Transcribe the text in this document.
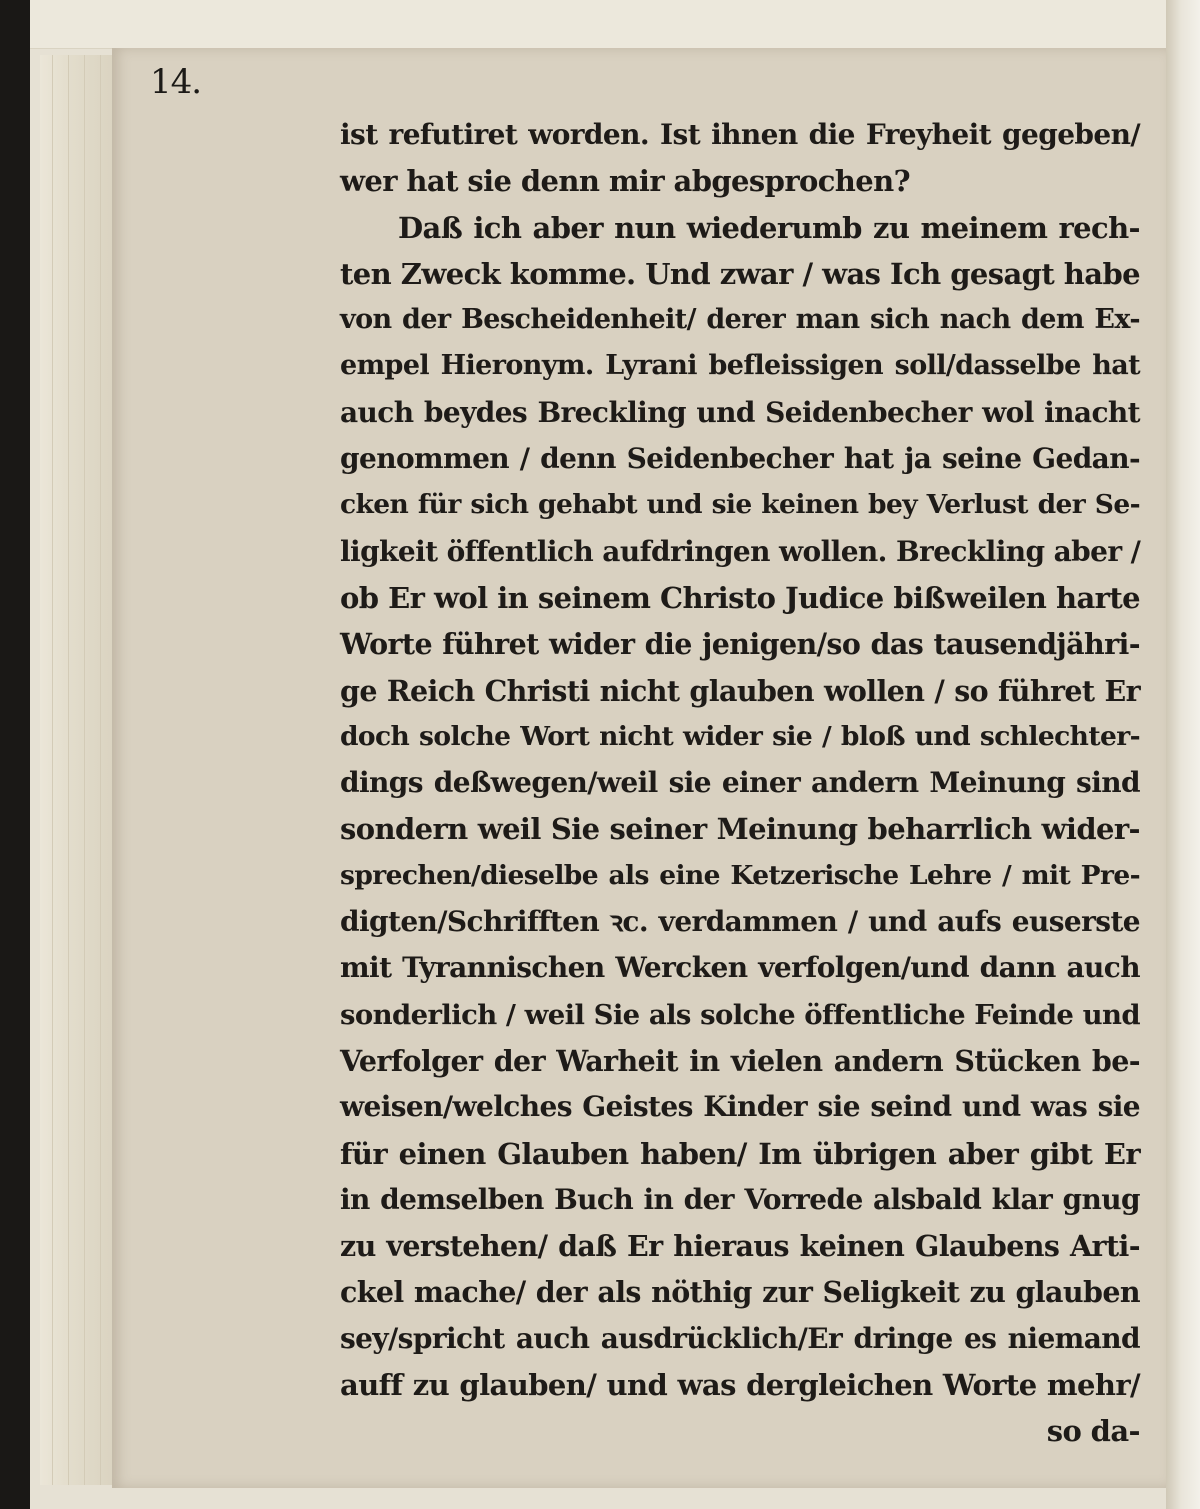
14.
ist refutiret worden. Ist ihnen die Freyheit gegeben/
wer hat sie denn mir abgesprochen?
Daß ich aber nun wiederumb zu meinem rech-
ten Zweck komme. Und zwar / was Ich gesagt habe
von der Bescheidenheit/ derer man sich nach dem Ex-
empel Hieronym. Lyrani befleissigen soll/dasselbe hat
auch beydes Breckling und Seidenbecher wol inacht
genommen / denn Seidenbecher hat ja seine Gedan-
cken für sich gehabt und sie keinen bey Verlust der Se-
ligkeit öffentlich aufdringen wollen. Breckling aber /
ob Er wol in seinem Christo Judice bißweilen harte
Worte führet wider die jenigen/so das tausendjähri-
ge Reich Christi nicht glauben wollen / so führet Er
doch solche Wort nicht wider sie / bloß und schlechter-
dings deßwegen/weil sie einer andern Meinung sind
sondern weil Sie seiner Meinung beharrlich wider-
sprechen/dieselbe als eine Ketzerische Lehre / mit Pre-
digten/Schrifften ꝛc. verdammen / und aufs euserste
mit Tyrannischen Wercken verfolgen/und dann auch
sonderlich / weil Sie als solche öffentliche Feinde und
Verfolger der Warheit in vielen andern Stücken be-
weisen/welches Geistes Kinder sie seind und was sie
für einen Glauben haben/ Im übrigen aber gibt Er
in demselben Buch in der Vorrede alsbald klar gnug
zu verstehen/ daß Er hieraus keinen Glaubens Arti-
ckel mache/ der als nöthig zur Seligkeit zu glauben
sey/spricht auch ausdrücklich/Er dringe es niemand
auff zu glauben/ und was dergleichen Worte mehr/
so da-
